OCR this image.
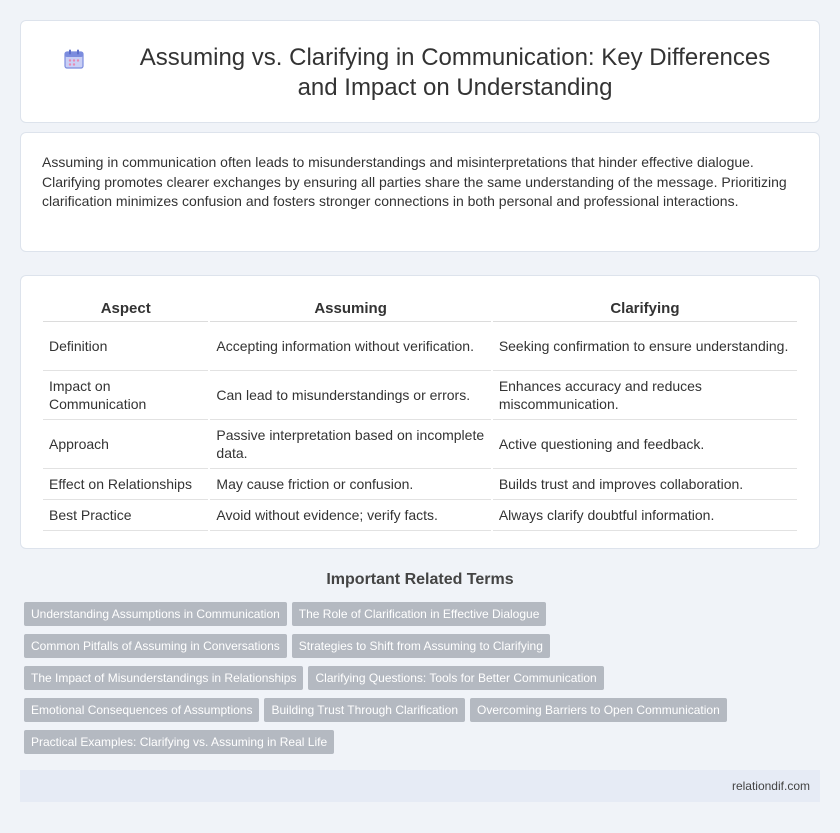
Assuming vs. Clarifying in Communication: Key Differences and Impact on Understanding

Assuming in communication often leads to misunderstandings and misinterpretations that hinder effective dialogue. Clarifying promotes clearer exchanges by ensuring all parties share the same understanding of the message. Prioritizing clarification minimizes confusion and fosters stronger connections in both personal and professional interactions.

Aspect	Assuming	Clarifying
Definition	Accepting information without verification.	Seeking confirmation to ensure understanding.
Impact on Communication	Can lead to misunderstandings or errors.	Enhances accuracy and reduces miscommunication.
Approach	Passive interpretation based on incomplete data.	Active questioning and feedback.
Effect on Relationships	May cause friction or confusion.	Builds trust and improves collaboration.
Best Practice	Avoid without evidence; verify facts.	Always clarify doubtful information.
Important Related Terms
Understanding Assumptions in Communication The Role of Clarification in Effective Dialogue
Common Pitfalls of Assuming in Conversations Strategies to Shift from Assuming to Clarifying
The Impact of Misunderstandings in Relationships Clarifying Questions: Tools for Better Communication
Emotional Consequences of Assumptions Building Trust Through Clarification Overcoming Barriers to Open Communication
Practical Examples: Clarifying vs. Assuming in Real Life
relationdif.com
